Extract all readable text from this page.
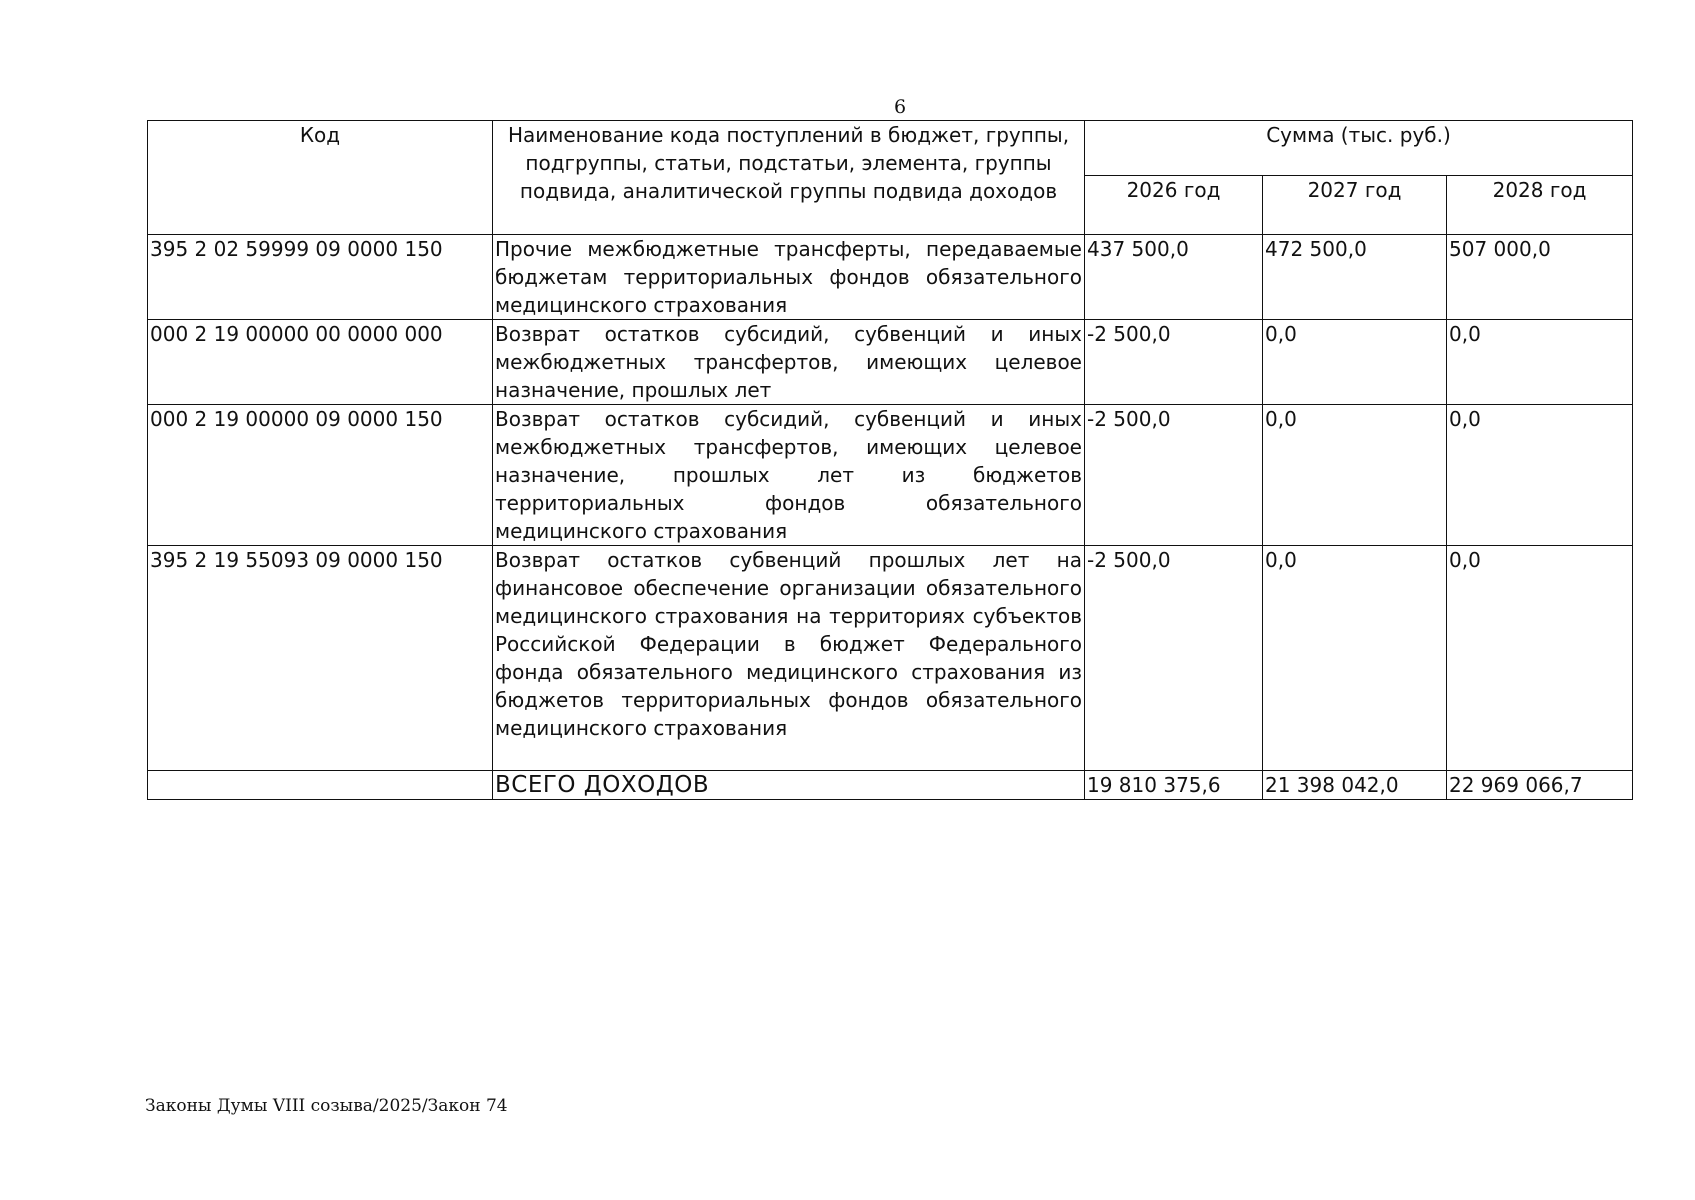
6
Код	Наименование кода поступлений в бюджет, группы, подгруппы, статьи, подстатьи, элемента, группы подвида, аналитической группы подвида доходов	Сумма (тыс. руб.)		
		2026 год	2027 год	2028 год
395 2 02 59999 09 0000 150	Прочие межбюджетные трансферты, передаваемые бюджетам территориальных фондов обязательного медицинского страхования	437 500,0	472 500,0	507 000,0
000 2 19 00000 00 0000 000	Возврат остатков субсидий, субвенций и иных межбюджетных трансфертов, имеющих целевое назначение, прошлых лет	-2 500,0	0,0	0,0
000 2 19 00000 09 0000 150	Возврат остатков субсидий, субвенций и иных межбюджетных трансфертов, имеющих целевое назначение, прошлых лет из бюджетов территориальных фондов обязательного медицинского страхования	-2 500,0	0,0	0,0
395 2 19 55093 09 0000 150	Возврат остатков субвенций прошлых лет на финансовое обеспечение организации обязательного медицинского страхования на территориях субъектов Российской Федерации в бюджет Федерального фонда обязательного медицинского страхования из бюджетов территориальных фондов обязательного медицинского страхования	-2 500,0	0,0	0,0
	ВСЕГО ДОХОДОВ	19 810 375,6	21 398 042,0	22 969 066,7
Законы Думы VIII созыва/2025/Закон 74
